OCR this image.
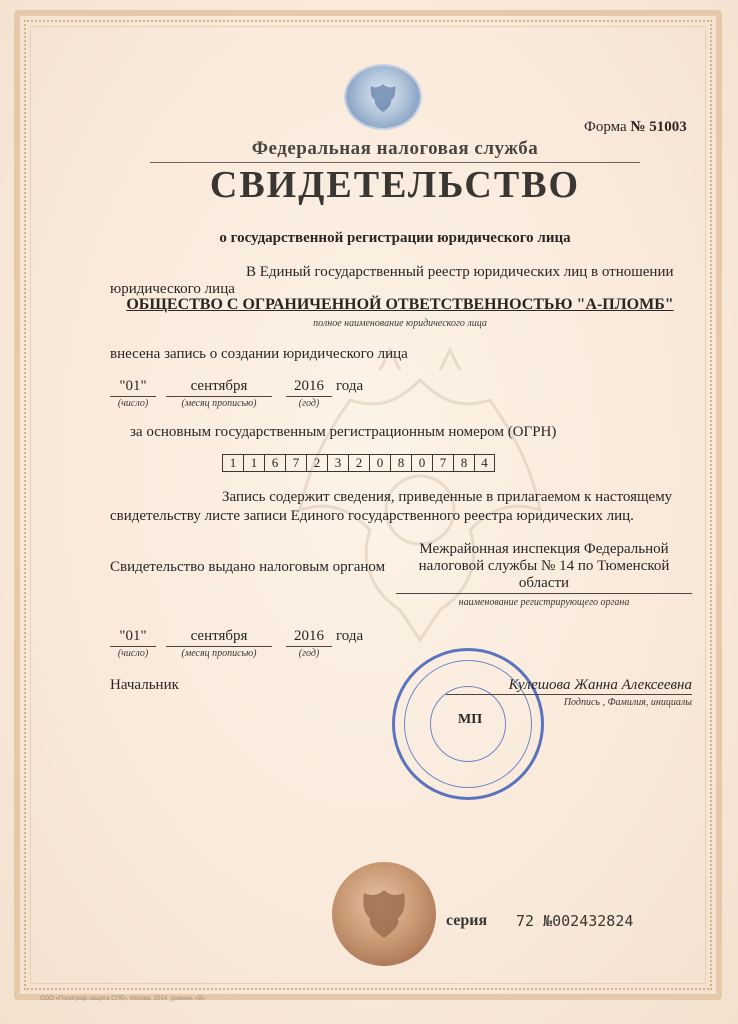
Форма № 51003
Федеральная налоговая служба
СВИДЕТЕЛЬСТВО
о государственной регистрации юридического лица
В Единый государственный реестр юридических лиц в отношении
юридического лица
ОБЩЕСТВО С ОГРАНИЧЕННОЙ ОТВЕТСТВЕННОСТЬЮ "А-ПЛОМБ"
полное наименование юридического лица
внесена запись о создании юридического лица
"01"	сентября	2016 года
(число)	(месяц прописью)	(год)
за основным государственным регистрационным номером (ОГРН)
1	1	6	7	2	3	2	0	8	0	7	8	4
Запись содержит сведения, приведенные в прилагаемом к настоящему
свидетельству листе записи Единого государственного реестра юридических лиц.
Свидетельство выдано налоговым органом
Межрайонная инспекция Федеральной
налоговой службы № 14 по Тюменской
области
наименование регистрирующего органа
"01"	сентября	2016 года
(число)	(месяц прописью)	(год)
Начальник	Кулешова Жанна Алексеевна
Подпись , Фамилия, инициалы
МП
серия 72 №002432824
ООО «Полиграф-защита СПб», Москва, 2014, уровень «В»
